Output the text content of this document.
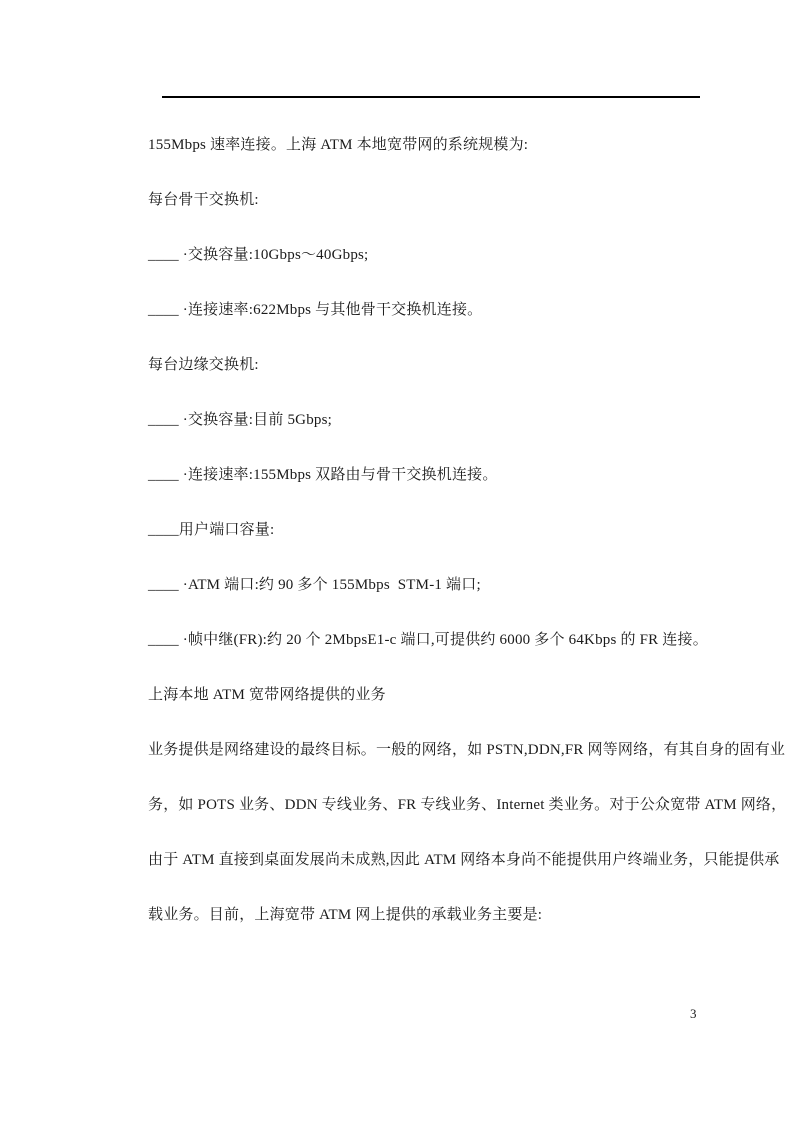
155Mbps 速率连接。上海 ATM 本地宽带网的系统规模为:

每台骨干交换机:

____ ·交换容量:10Gbps～40Gbps;

____ ·连接速率:622Mbps 与其他骨干交换机连接。

每台边缘交换机:

____ ·交换容量:目前 5Gbps;

____ ·连接速率:155Mbps 双路由与骨干交换机连接。

____用户端口容量:

____ ·ATM 端口:约 90 多个 155Mbps  STM-1 端口;

____ ·帧中继(FR):约 20 个 2MbpsE1-c 端口,可提供约 6000 多个 64Kbps 的 FR 连接。

上海本地 ATM 宽带网络提供的业务

业务提供是网络建设的最终目标。一般的网络，如 PSTN,DDN,FR 网等网络，有其自身的固有业

务，如 POTS 业务、DDN 专线业务、FR 专线业务、Internet 类业务。对于公众宽带 ATM 网络，

由于 ATM 直接到桌面发展尚未成熟,因此 ATM 网络本身尚不能提供用户终端业务，只能提供承

载业务。目前，上海宽带 ATM 网上提供的承载业务主要是:

3
